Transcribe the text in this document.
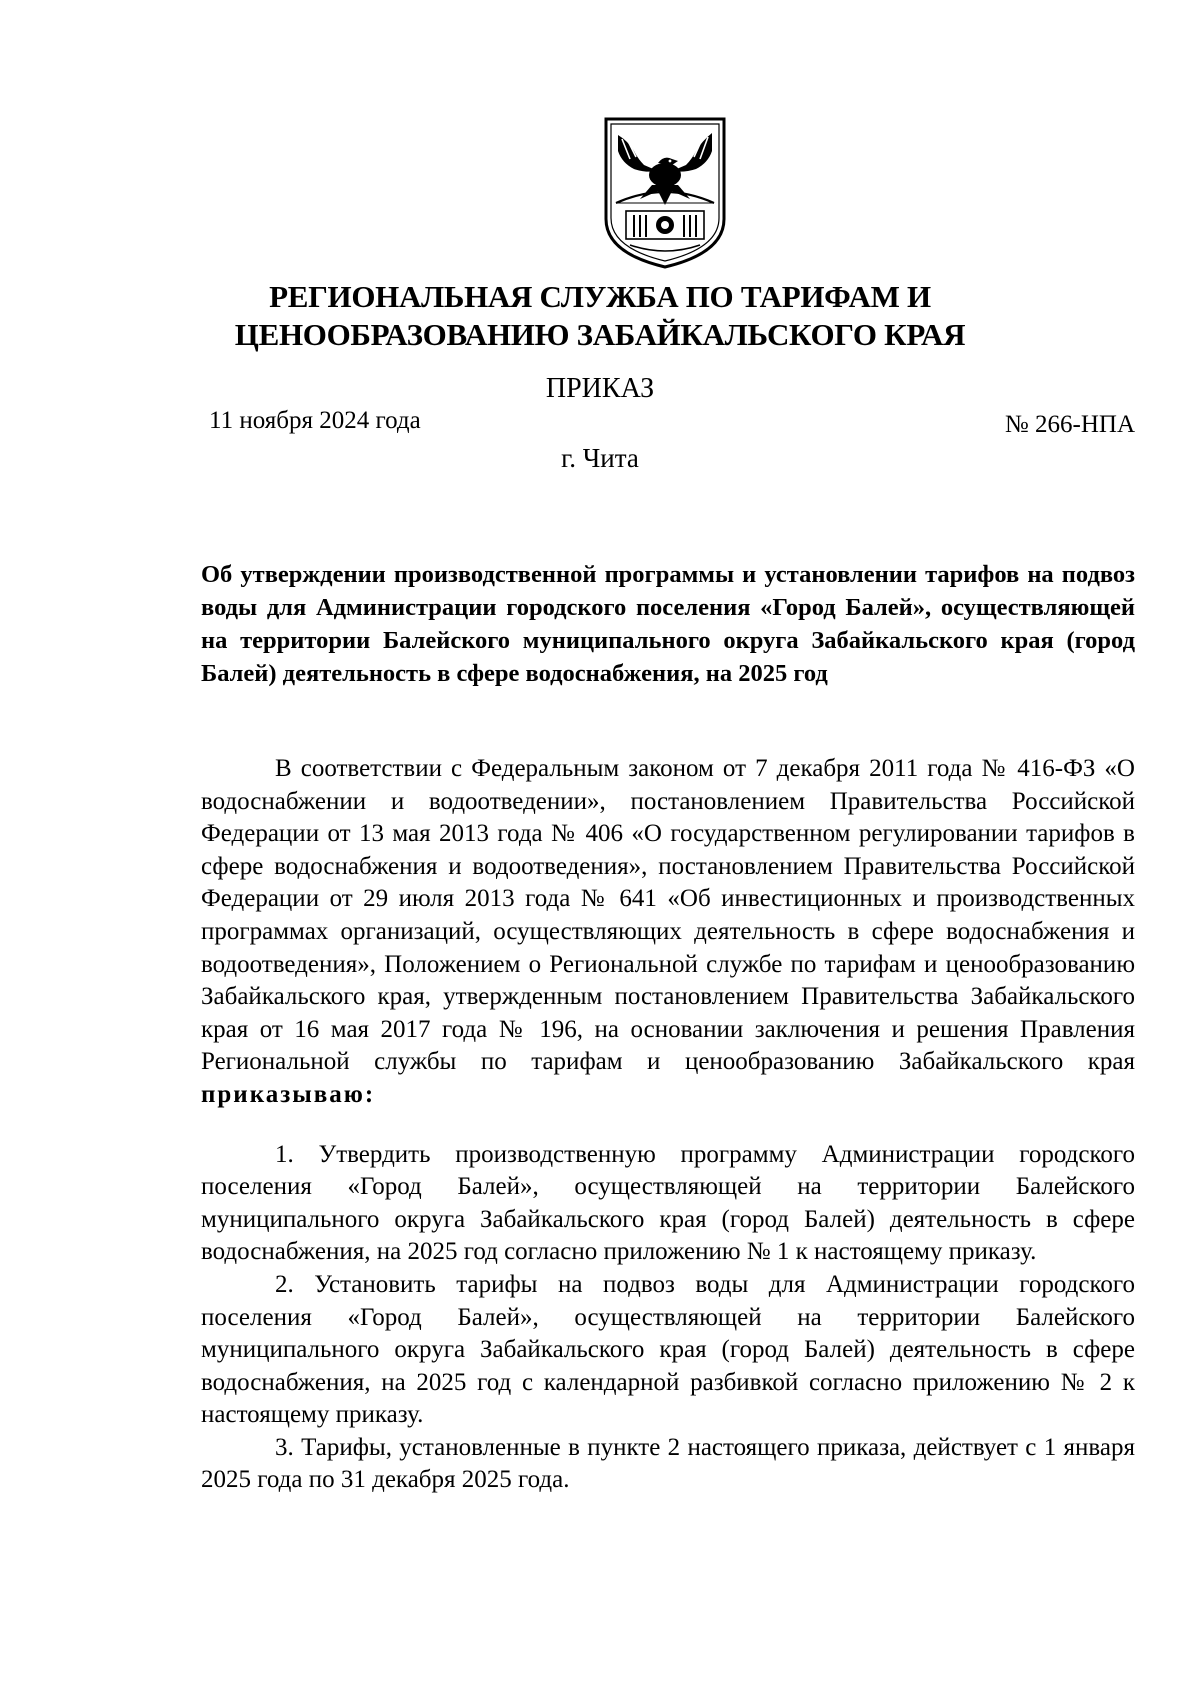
РЕГИОНАЛЬНАЯ СЛУЖБА ПО ТАРИФАМ И
ЦЕНООБРАЗОВАНИЮ ЗАБАЙКАЛЬСКОГО КРАЯ
ПРИКАЗ
11 ноября 2024 года	№ 266-НПА
г. Чита
Об утверждении производственной программы и установлении тарифов на подвоз воды для Администрации городского поселения «Город Балей», осуществляющей на территории Балейского муниципального округа Забайкальского края (город Балей) деятельность в сфере водоснабжения, на 2025 год

В соответствии с Федеральным законом от 7 декабря 2011 года № 416-ФЗ «О водоснабжении и водоотведении», постановлением Правительства Российской Федерации от 13 мая 2013 года № 406 «О государственном регулировании тарифов в сфере водоснабжения и водоотведения», постановлением Правительства Российской Федерации от 29 июля 2013 года № 641 «Об инвестиционных и производственных программах организаций, осуществляющих деятельность в сфере водоснабжения и водоотведения», Положением о Региональной службе по тарифам и ценообразованию Забайкальского края, утвержденным постановлением Правительства Забайкальского края от 16 мая 2017 года № 196, на основании заключения и решения Правления Региональной службы по тарифам и ценообразованию Забайкальского края приказываю:

1. Утвердить производственную программу Администрации городского поселения «Город Балей», осуществляющей на территории Балейского муниципального округа Забайкальского края (город Балей) деятельность в сфере водоснабжения, на 2025 год согласно приложению № 1 к настоящему приказу.

2. Установить тарифы на подвоз воды для Администрации городского поселения «Город Балей», осуществляющей на территории Балейского муниципального округа Забайкальского края (город Балей) деятельность в сфере водоснабжения, на 2025 год с календарной разбивкой согласно приложению № 2 к настоящему приказу.

3. Тарифы, установленные в пункте 2 настоящего приказа, действует с 1 января 2025 года по 31 декабря 2025 года.
